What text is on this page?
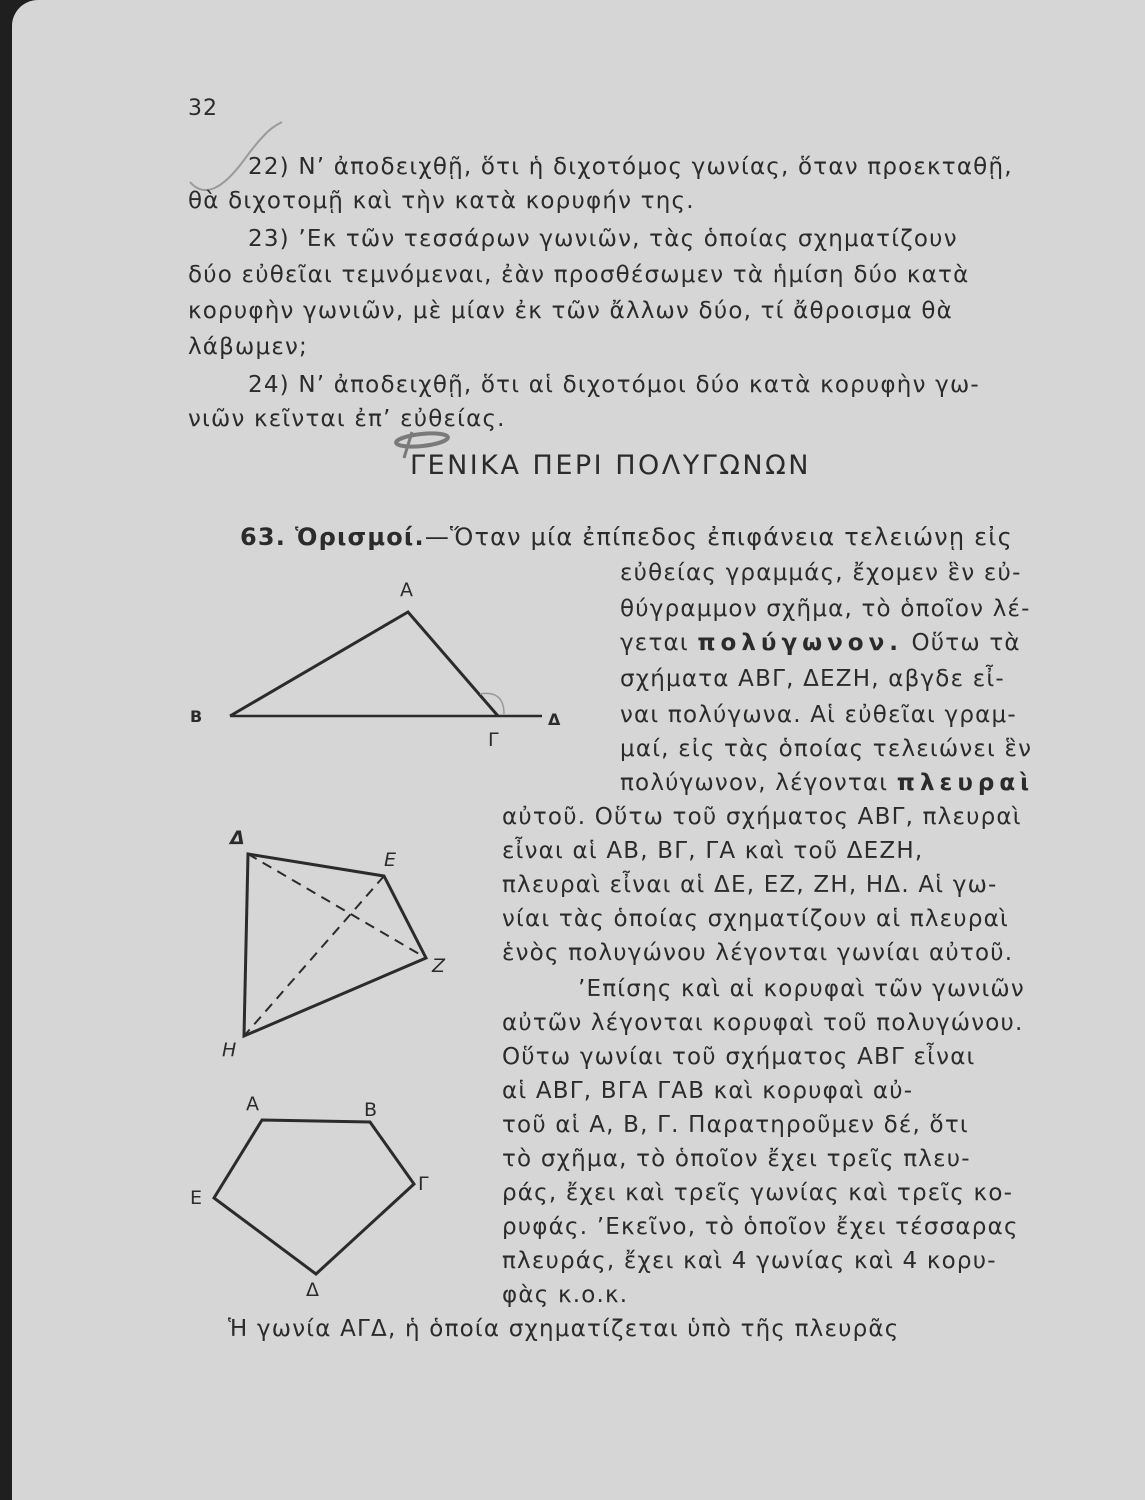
32
22) Ν’ ἀποδειχθῇ, ὅτι ἡ διχοτόμος γωνίας, ὅταν προεκταθῇ,
θὰ διχοτομῇ καὶ τὴν κατὰ κορυφήν της.
23) ’Εκ τῶν τεσσάρων γωνιῶν, τὰς ὁποίας σχηματίζουν
δύο εὐθεῖαι τεμνόμεναι, ἐὰν προσθέσωμεν τὰ ἡμίση δύο κατὰ
κορυφὴν γωνιῶν, μὲ μίαν ἐκ τῶν ἄλλων δύο, τί ἄθροισμα θὰ
λάβωμεν;
24) Ν’ ἀποδειχθῇ, ὅτι αἱ διχοτόμοι δύο κατὰ κορυφὴν γω-
νιῶν κεῖνται ἐπ’ εὐθείας.
ΓΕΝΙΚΑ ΠΕΡΙ ΠΟΛΥΓΩΝΩΝ
63. Ὁρισμοί.—Ὅταν μία ἐπίπεδος ἐπιφάνεια τελειώνῃ εἰς
εὐθείας γραμμάς, ἔχομεν ἓν εὐ-
θύγραμμον σχῆμα, τὸ ὁποῖον λέ-
γεται πολύγωνον. Οὕτω τὰ
σχήματα ΑΒΓ, ΔΕΖΗ, αβγδε εἶ-
ναι πολύγωνα. Αἱ εὐθεῖαι γραμ-
μαί, εἰς τὰς ὁποίας τελειώνει ἓν
πολύγωνον, λέγονται πλευραὶ
αὐτοῦ. Οὕτω τοῦ σχήματος ΑΒΓ, πλευραὶ
εἶναι αἱ ΑΒ, ΒΓ, ΓΑ καὶ τοῦ ΔΕΖΗ,
πλευραὶ εἶναι αἱ ΔΕ, ΕΖ, ΖΗ, ΗΔ. Αἱ γω-
νίαι τὰς ὁποίας σχηματίζουν αἱ πλευραὶ
ἑνὸς πολυγώνου λέγονται γωνίαι αὐτοῦ.
’Επίσης καὶ αἱ κορυφαὶ τῶν γωνιῶν
αὐτῶν λέγονται κορυφαὶ τοῦ πολυγώνου.
Οὕτω γωνίαι τοῦ σχήματος ΑΒΓ εἶναι
αἱ ΑΒΓ, ΒΓΑ ΓΑΒ καὶ κορυφαὶ αὐ-
τοῦ αἱ Α, Β, Γ. Παρατηροῦμεν δέ, ὅτι
τὸ σχῆμα, τὸ ὁποῖον ἔχει τρεῖς πλευ-
ράς, ἔχει καὶ τρεῖς γωνίας καὶ τρεῖς κο-
ρυφάς. ’Εκεῖνο, τὸ ὁποῖον ἔχει τέσσαρας
πλευράς, ἔχει καὶ 4 γωνίας καὶ 4 κορυ-
φὰς κ.ο.κ.
Ἡ γωνία ΑΓΔ, ἡ ὁποία σχηματίζεται ὑπὸ τῆς πλευρᾶς
Α
Β
Γ
Δ
Δ
Ε
Ζ
Η
Α	Β
Γ
Δ
Ε
